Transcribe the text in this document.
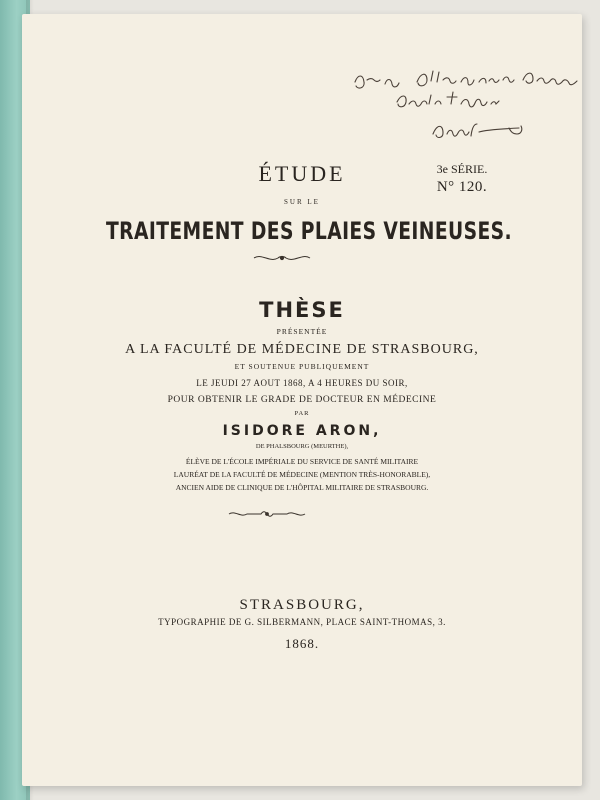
3e SÉRIE.
N° 120.
ÉTUDE
SUR LE
TRAITEMENT DES PLAIES VEINEUSES.
THÈSE
PRÉSENTÉE
A LA FACULTÉ DE MÉDECINE DE STRASBOURG,
ET SOUTENUE PUBLIQUEMENT
LE JEUDI 27 AOUT 1868, A 4 HEURES DU SOIR,
POUR OBTENIR LE GRADE DE DOCTEUR EN MÉDECINE
PAR
ISIDORE ARON,
DE PHALSBOURG (MEURTHE),
ÉLÈVE DE L'ÉCOLE IMPÉRIALE DU SERVICE DE SANTÉ MILITAIRE
LAURÉAT DE LA FACULTÉ DE MÉDECINE (MENTION TRÈS-HONORABLE),
ANCIEN AIDE DE CLINIQUE DE L'HÔPITAL MILITAIRE DE STRASBOURG.
STRASBOURG,
TYPOGRAPHIE DE G. SILBERMANN, PLACE SAINT-THOMAS, 3.
1868.
